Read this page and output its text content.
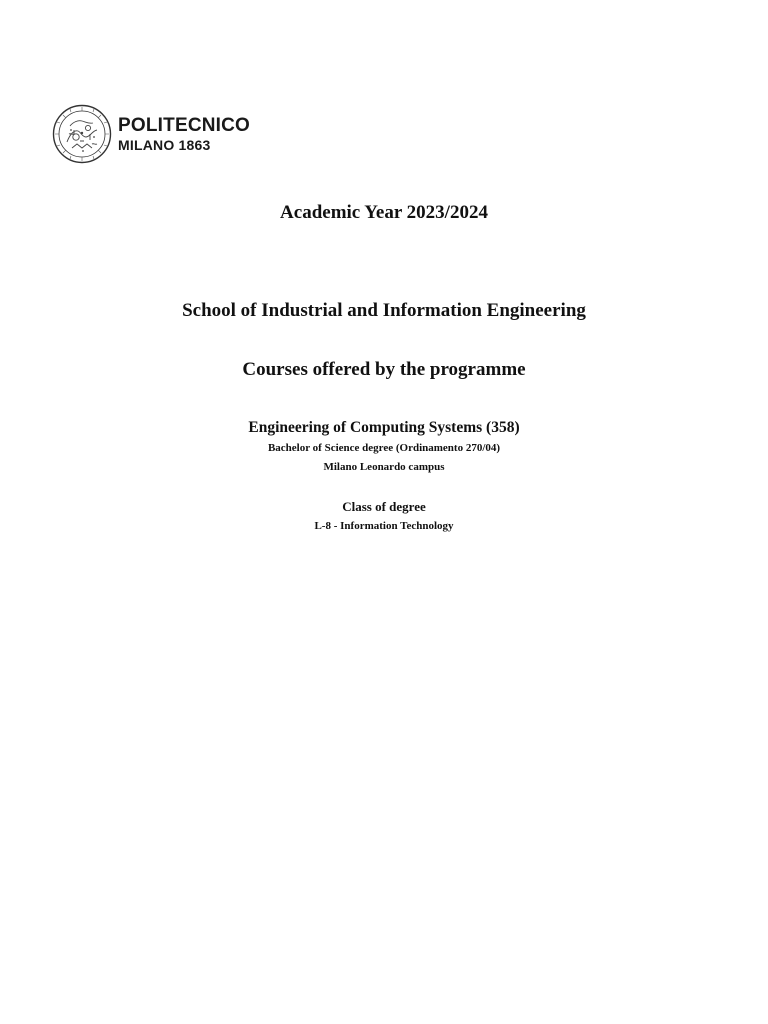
POLITECNICO
MILANO 1863
Academic Year 2023/2024
School of Industrial and Information Engineering
Courses offered by the programme
Engineering of Computing Systems (358)

Bachelor of Science degree (Ordinamento 270/04)

Milano Leonardo campus

Class of degree

L-8 - Information Technology
